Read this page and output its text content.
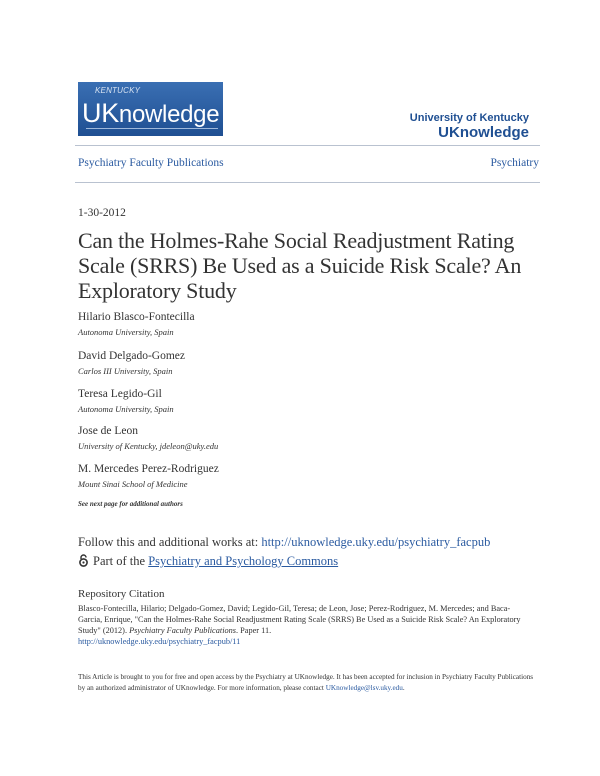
KENTUCKY
UKnowledge	University of Kentucky
UKnowledge
Psychiatry Faculty Publications	Psychiatry
1-30-2012
Can the Holmes-Rahe Social Readjustment Rating Scale (SRRS) Be Used as a Suicide Risk Scale? An Exploratory Study
Hilario Blasco-Fontecilla
Autonoma University, Spain
David Delgado-Gomez
Carlos III University, Spain
Teresa Legido-Gil
Autonoma University, Spain
Jose de Leon
University of Kentucky, jdeleon@uky.edu
M. Mercedes Perez-Rodriguez
Mount Sinai School of Medicine
See next page for additional authors
Follow this and additional works at: http://uknowledge.uky.edu/psychiatry_facpub
Part of the Psychiatry and Psychology Commons
Repository Citation
Blasco-Fontecilla, Hilario; Delgado-Gomez, David; Legido-Gil, Teresa; de Leon, Jose; Perez-Rodriguez, M. Mercedes; and Baca-Garcia, Enrique, "Can the Holmes-Rahe Social Readjustment Rating Scale (SRRS) Be Used as a Suicide Risk Scale? An Exploratory Study" (2012). Psychiatry Faculty Publications. Paper 11.
http://uknowledge.uky.edu/psychiatry_facpub/11
This Article is brought to you for free and open access by the Psychiatry at UKnowledge. It has been accepted for inclusion in Psychiatry Faculty Publications by an authorized administrator of UKnowledge. For more information, please contact UKnowledge@lsv.uky.edu.
